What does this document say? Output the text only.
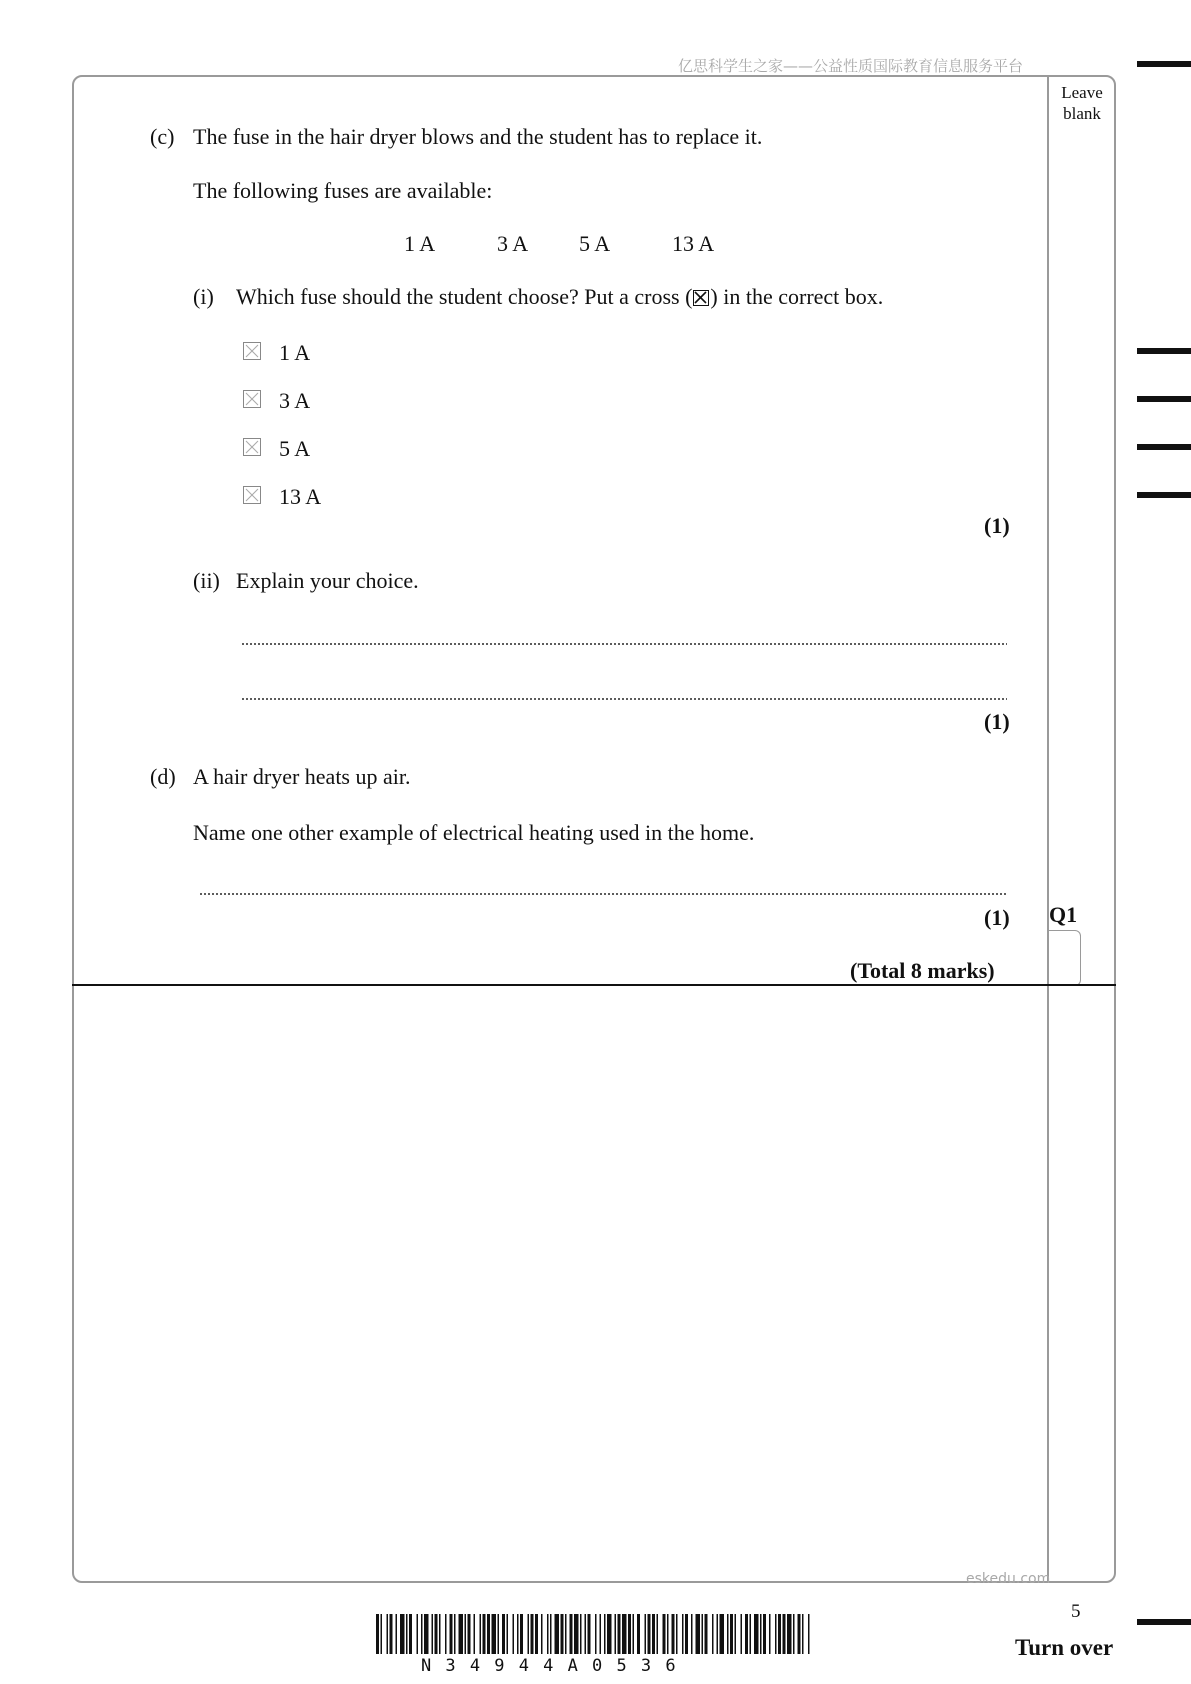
亿思科学生之家——公益性质国际教育信息服务平台
Leave
blank
(c) The fuse in the hair dryer blows and the student has to replace it.
The following fuses are available:
1 A	3 A 5 A	13 A
(i) Which fuse should the student choose? Put a cross (☒) in the correct box.
1 A
3 A
5 A
13 A
(1)
(ii) Explain your choice.
(1)
(d) A hair dryer heats up air.
Name one other example of electrical heating used in the home.
(1) Q1
(Total 8 marks)
eskedu.com
5
Turn over
N34944A0536
